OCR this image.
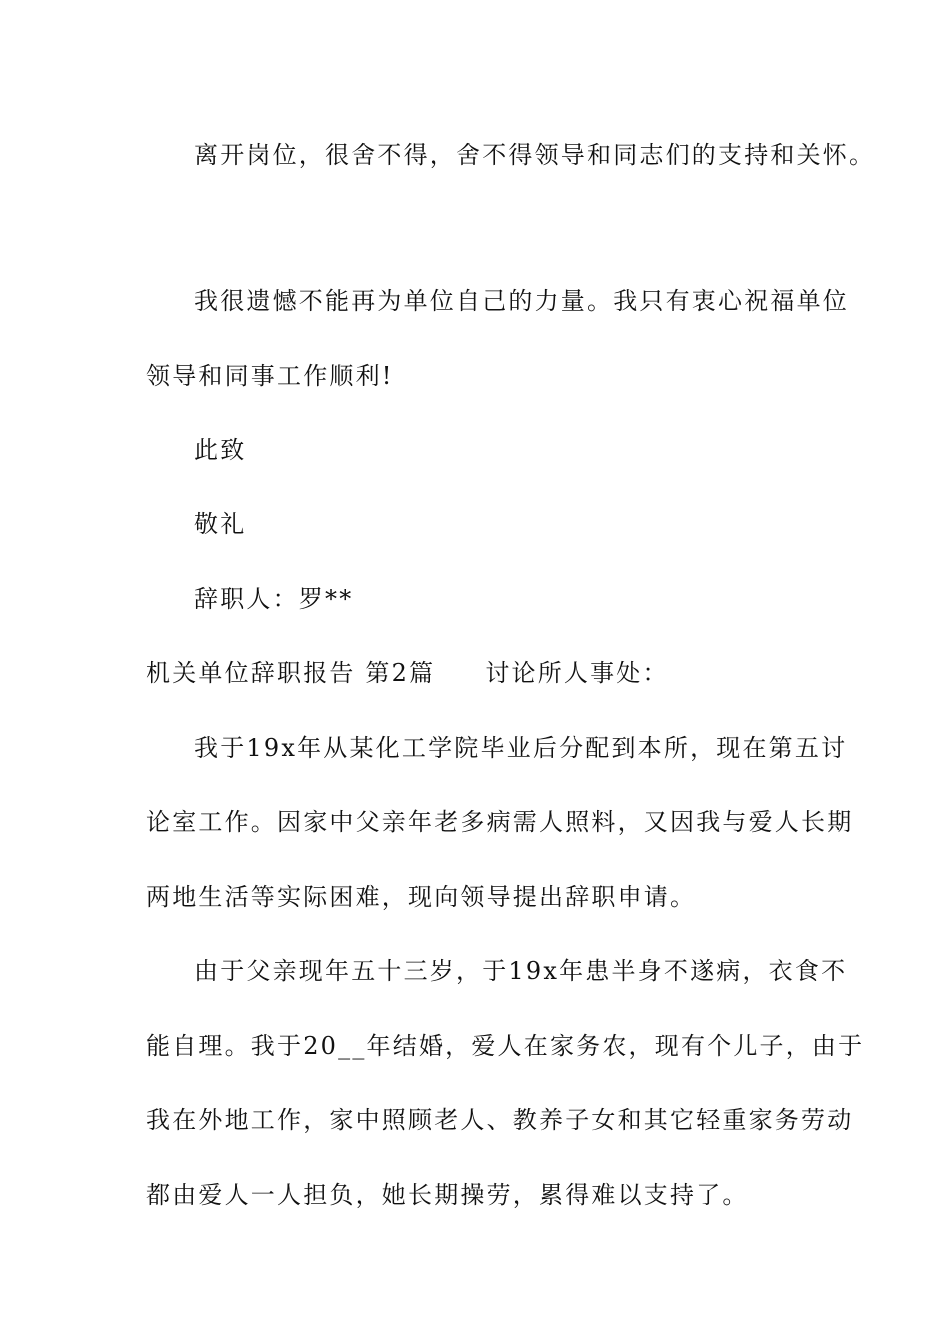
离开岗位，很舍不得，舍不得领导和同志们的支持和关怀。
我很遗憾不能再为单位自己的力量。我只有衷心祝福单位
领导和同事工作顺利!
此致
敬礼
辞职人：罗**
机关单位辞职报告 第2篇 讨论所人事处：
我于19x年从某化工学院毕业后分配到本所，现在第五讨
论室工作。因家中父亲年老多病需人照料，又因我与爱人长期
两地生活等实际困难，现向领导提出辞职申请。
由于父亲现年五十三岁，于19x年患半身不遂病，衣食不
能自理。我于20__年结婚，爱人在家务农，现有个儿子，由于
我在外地工作，家中照顾老人、教养子女和其它轻重家务劳动
都由爱人一人担负，她长期操劳，累得难以支持了。
